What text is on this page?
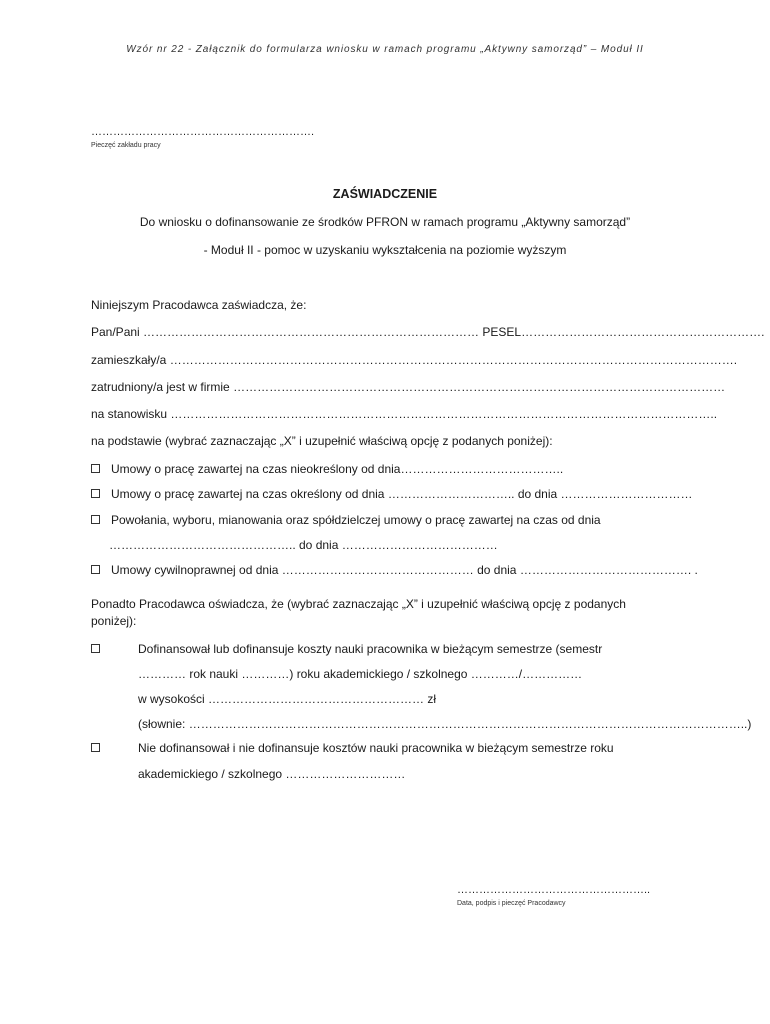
Wzór nr 22 - Załącznik do formularza wniosku w ramach programu „Aktywny samorząd” – Moduł II
…………………………………………………….
Pieczęć zakładu pracy
ZAŚWIADCZENIE
Do wniosku o dofinansowanie ze środków PFRON w ramach programu „Aktywny samorząd”
- Moduł II - pomoc w uzyskaniu wykształcenia na poziomie wyższym
Niniejszym Pracodawca zaświadcza, że:
Pan/Pani ………………………………………………………………………… PESEL…………………………………………………….
zamieszkały/a …………………………………………………………………………………………………………………………….
zatrudniony/a jest w firmie ……………………………………………………………………………………………………………
na stanowisku ………………………………………………………………………………………………………………………..
na podstawie (wybrać zaznaczając „X” i uzupełnić właściwą opcję z podanych poniżej):
Umowy o pracę zawartej na czas nieokreślony od dnia…………………………………..
Umowy o pracę zawartej na czas określony od dnia ………………………….. do dnia ……………………………
Powołania, wyboru, mianowania oraz spółdzielczej umowy o pracę zawartej na czas od dnia
……………………………………….. do dnia …………………………………
Umowy cywilnoprawnej od dnia ………………………………………… do dnia ……………………………………. .
Ponadto Pracodawca oświadcza, że (wybrać zaznaczając „X” i uzupełnić właściwą opcję z podanych
poniżej):
Dofinansował lub dofinansuje koszty nauki pracownika w bieżącym semestrze (semestr
………… rok nauki …………) roku akademickiego / szkolnego …………/……………
w wysokości ……………………………………………… zł
(słownie: …………………………………………………………………………………………………………………………..)
Nie dofinansował i nie dofinansuje kosztów nauki pracownika w bieżącym semestrze roku
akademickiego / szkolnego …………………………
……………………………………………..
Data, podpis i pieczęć Pracodawcy
